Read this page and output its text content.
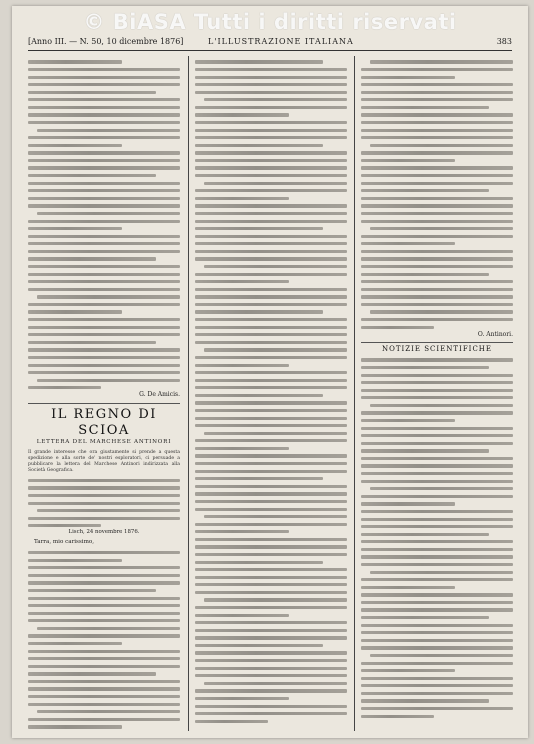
© BiASA Tutti i diritti riservati
[Anno III. — N. 50, 10 dicembre 1876]	L'ILLUSTRAZIONE ITALIANA	383
G. De Amicis.
IL REGNO DI SCIOA
LETTERA DEL MARCHESE ANTINORI
Il grande interesse che ora giustamente si prende a questa spedizione e alla sorte de' nostri esploratori, ci persuade a pubblicare la lettera del Marchese Antinori indirizzata alla Società Geografica.
Lisch, 24 novembre 1876.
Tarra, mio carissimo,
O. Antinori.
NOTIZIE SCIENTIFICHE
